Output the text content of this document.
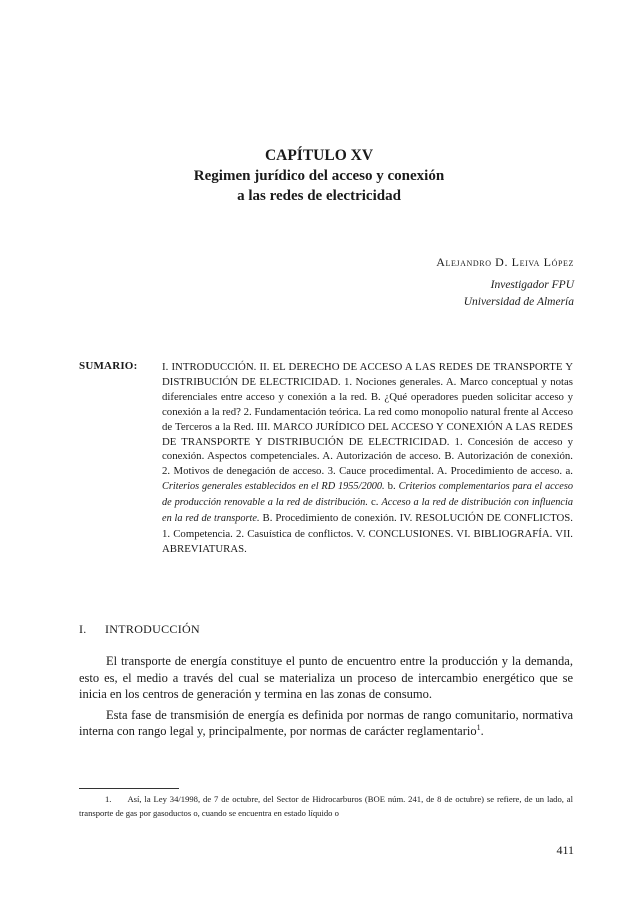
CAPÍTULO XV
Regimen jurídico del acceso y conexión
a las redes de electricidad
Alejandro D. Leiva López
Investigador FPU
Universidad de Almería
SUMARIO: I. INTRODUCCIÓN. II. EL DERECHO DE ACCESO A LAS REDES DE TRANSPORTE Y DISTRIBUCIÓN DE ELECTRICIDAD. 1. Nociones generales. A. Marco conceptual y notas diferenciales entre acceso y conexión a la red. B. ¿Qué operadores pueden solicitar acceso y conexión a la red? 2. Fundamentación teórica. La red como monopolio natural frente al Acceso de Terceros a la Red. III. MARCO JURÍDICO DEL ACCESO Y CONEXIÓN A LAS REDES DE TRANSPORTE Y DISTRIBUCIÓN DE ELECTRICIDAD. 1. Concesión de acceso y conexión. Aspectos competenciales. A. Autorización de acceso. B. Autorización de conexión. 2. Motivos de denegación de acceso. 3. Cauce procedimental. A. Procedimiento de acceso. a. Criterios generales establecidos en el RD 1955/2000. b. Criterios complementarios para el acceso de producción renovable a la red de distribución. c. Acceso a la red de distribución con influencia en la red de transporte. B. Procedimiento de conexión. IV. RESOLUCIÓN DE CONFLICTOS. 1. Competencia. 2. Casuística de conflictos. V. CONCLUSIONES. VI. BIBLIOGRAFÍA. VII. ABREVIATURAS.
I. INTRODUCCIÓN

El transporte de energía constituye el punto de encuentro entre la producción y la demanda, esto es, el medio a través del cual se materializa un proceso de intercambio energético que se inicia en los centros de generación y termina en las zonas de consumo.

Esta fase de transmisión de energía es definida por normas de rango comunitario, normativa interna con rango legal y, principalmente, por normas de carácter reglamentario$^1$.

1. Así, la Ley 34/1998, de 7 de octubre, del Sector de Hidrocarburos (BOE núm. 241, de 8 de octubre) se refiere, de un lado, al transporte de gas por gasoductos o, cuando se encuentra en estado líquido o
411
